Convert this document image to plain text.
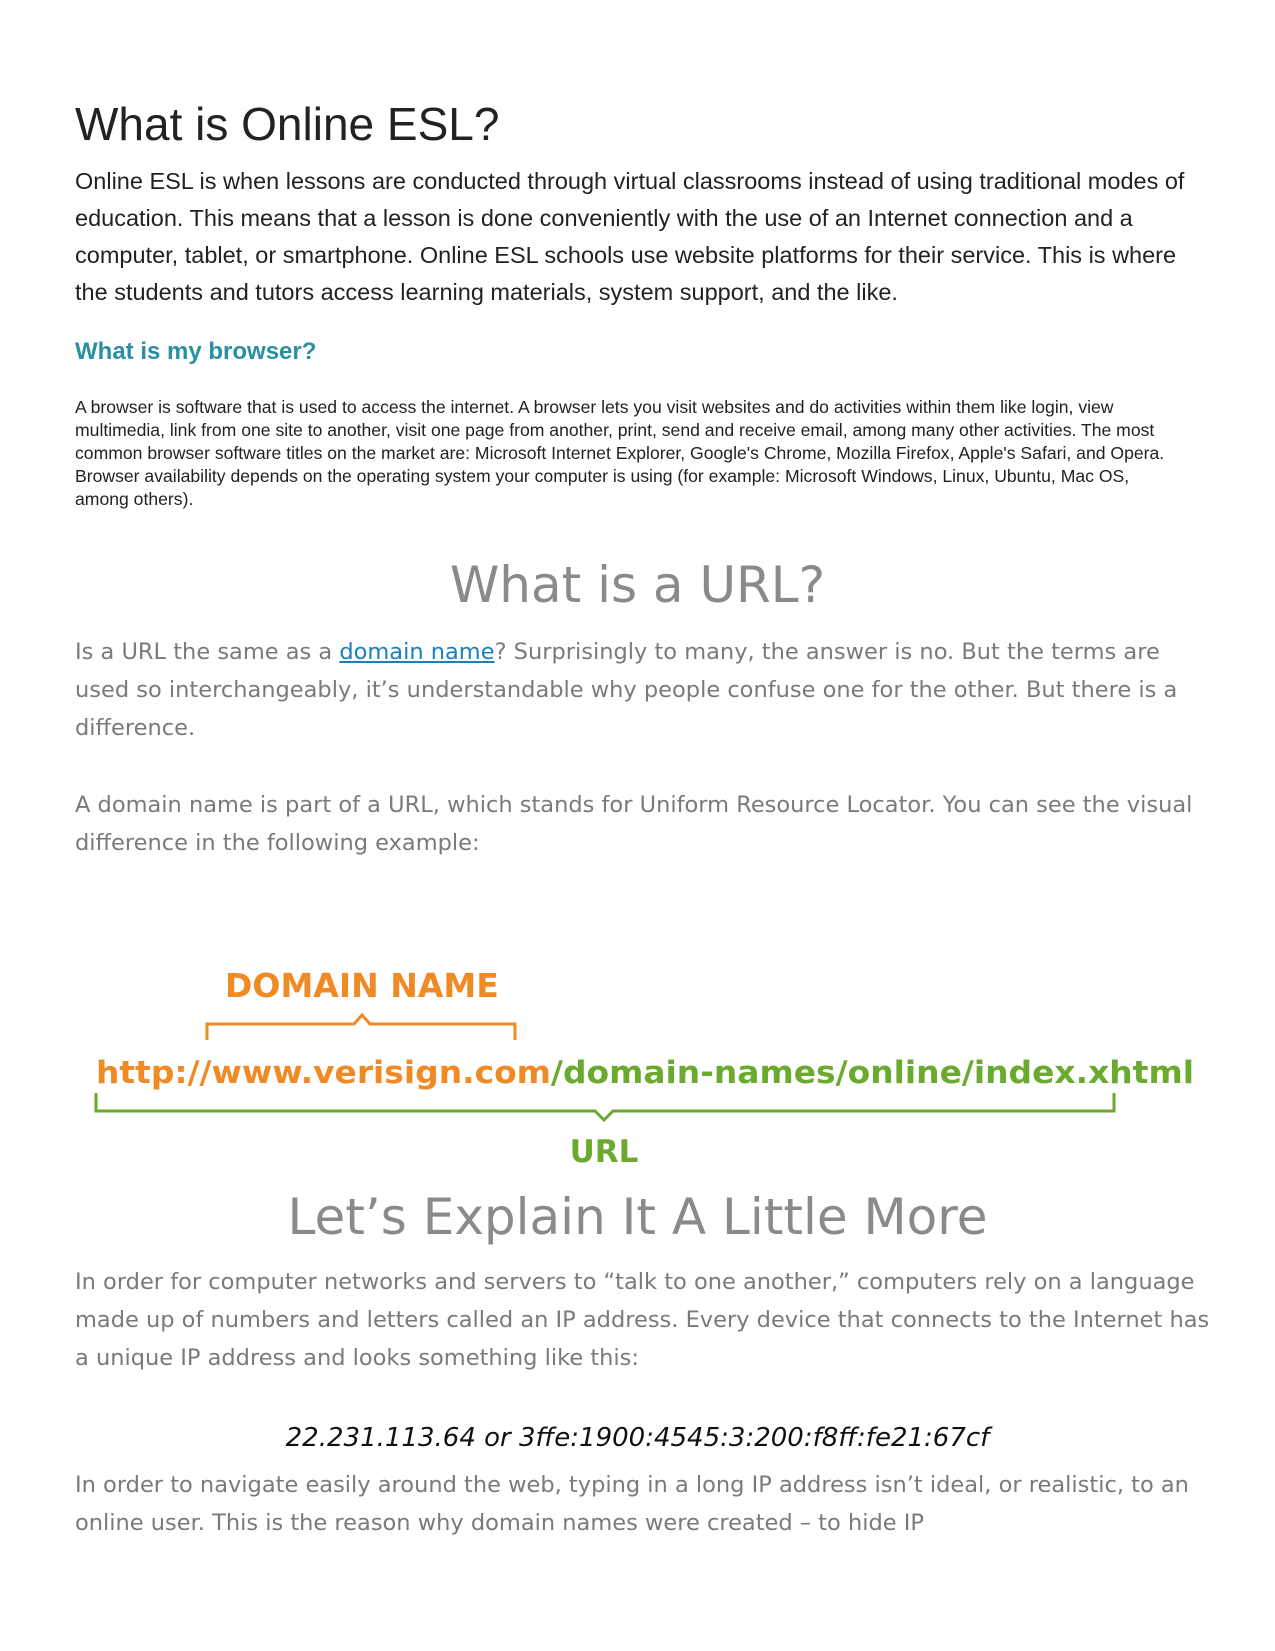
What is Online ESL?

Online ESL is when lessons are conducted through virtual classrooms instead of using traditional modes of education. This means that a lesson is done conveniently with the use of an Internet connection and a computer, tablet, or smartphone. Online ESL schools use website platforms for their service. This is where the students and tutors access learning materials, system support, and the like.

What is my browser?

A browser is software that is used to access the internet. A browser lets you visit websites and do activities within them like login, view multimedia, link from one site to another, visit one page from another, print, send and receive email, among many other activities. The most common browser software titles on the market are: Microsoft Internet Explorer, Google's Chrome, Mozilla Firefox, Apple's Safari, and Opera. Browser availability depends on the operating system your computer is using (for example: Microsoft Windows, Linux, Ubuntu, Mac OS, among others).

What is a URL?

Is a URL the same as a domain name? Surprisingly to many, the answer is no. But the terms are used so interchangeably, it’s understandable why people confuse one for the other. But there is a difference.

A domain name is part of a URL, which stands for Uniform Resource Locator. You can see the visual difference in the following example:

DOMAIN NAME
http://www.verisign.com /domain-names/online/index.xhtml
URL
Let’s Explain It A Little More

In order for computer networks and servers to “talk to one another,” computers rely on a language made up of numbers and letters called an IP address. Every device that connects to the Internet has a unique IP address and looks something like this:

22.231.113.64 or 3ffe:1900:4545:3:200:f8ff:fe21:67cf

In order to navigate easily around the web, typing in a long IP address isn’t ideal, or realistic, to an online user. This is the reason why domain names were created – to hide IP
